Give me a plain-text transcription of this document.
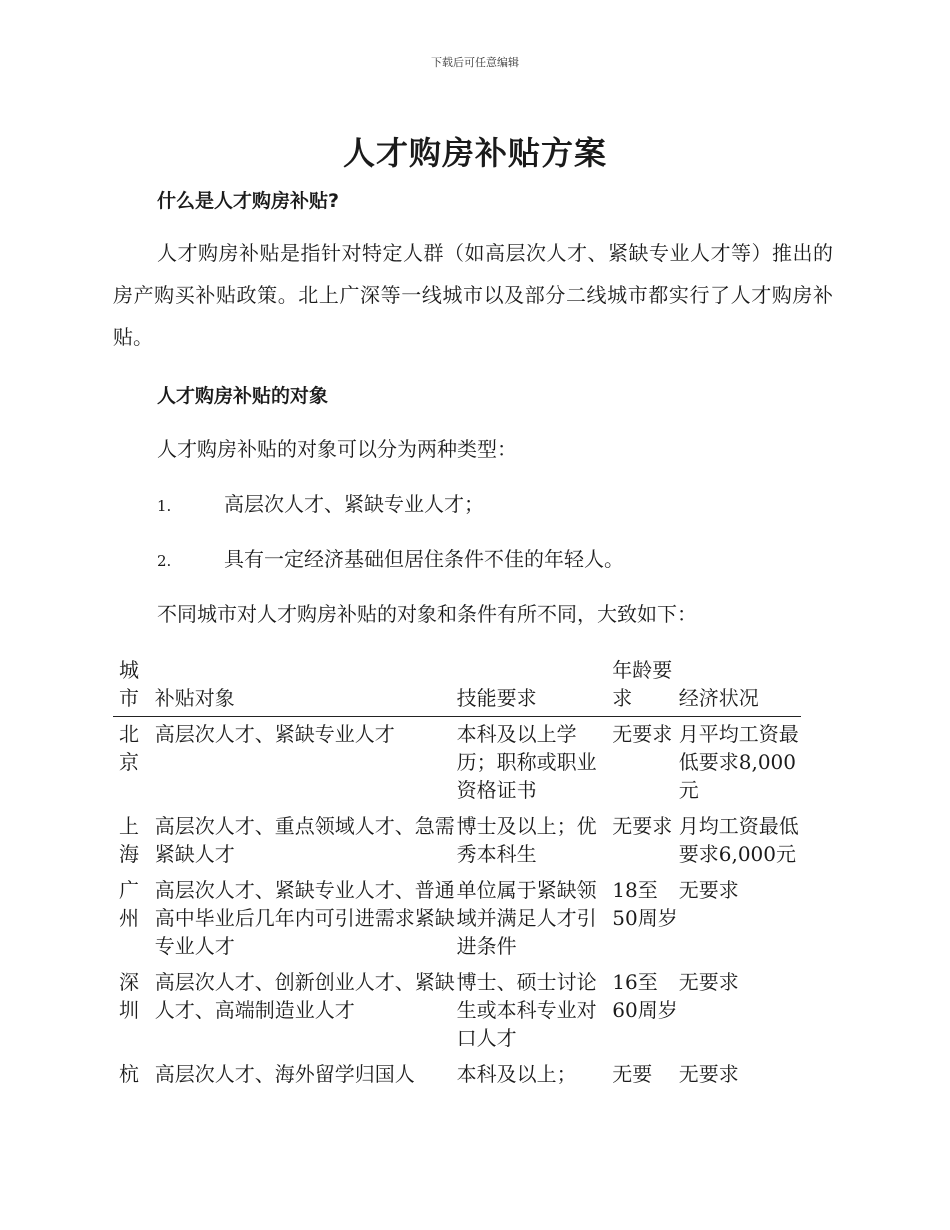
下载后可任意编辑
人才购房补贴方案
什么是人才购房补贴?

人才购房补贴是指针对特定人群（如高层次人才、紧缺专业人才等）推出的房产购买补贴政策。北上广深等一线城市以及部分二线城市都实行了人才购房补贴。

人才购房补贴的对象

人才购房补贴的对象可以分为两种类型：

1.	高层次人才、紧缺专业人才；
2.	具有一定经济基础但居住条件不佳的年轻人。

不同城市对人才购房补贴的对象和条件有所不同，大致如下：

城市	补贴对象	技能要求	年龄要求	经济状况
北京	高层次人才、紧缺专业人才	本科及以上学历；职称或职业资格证书	无要求	月平均工资最低要求8,000元
上海	高层次人才、重点领域人才、急需紧缺人才	博士及以上；优秀本科生	无要求	月均工资最低要求6,000元
广州	高层次人才、紧缺专业人才、普通高中毕业后几年内可引进需求紧缺专业人才	单位属于紧缺领域并满足人才引进条件	18至50周岁	无要求
深圳	高层次人才、创新创业人才、紧缺人才、高端制造业人才	博士、硕士讨论生或本科专业对口人才	16至60周岁	无要求
杭	高层次人才、海外留学归国人	本科及以上；	无要	无要求
